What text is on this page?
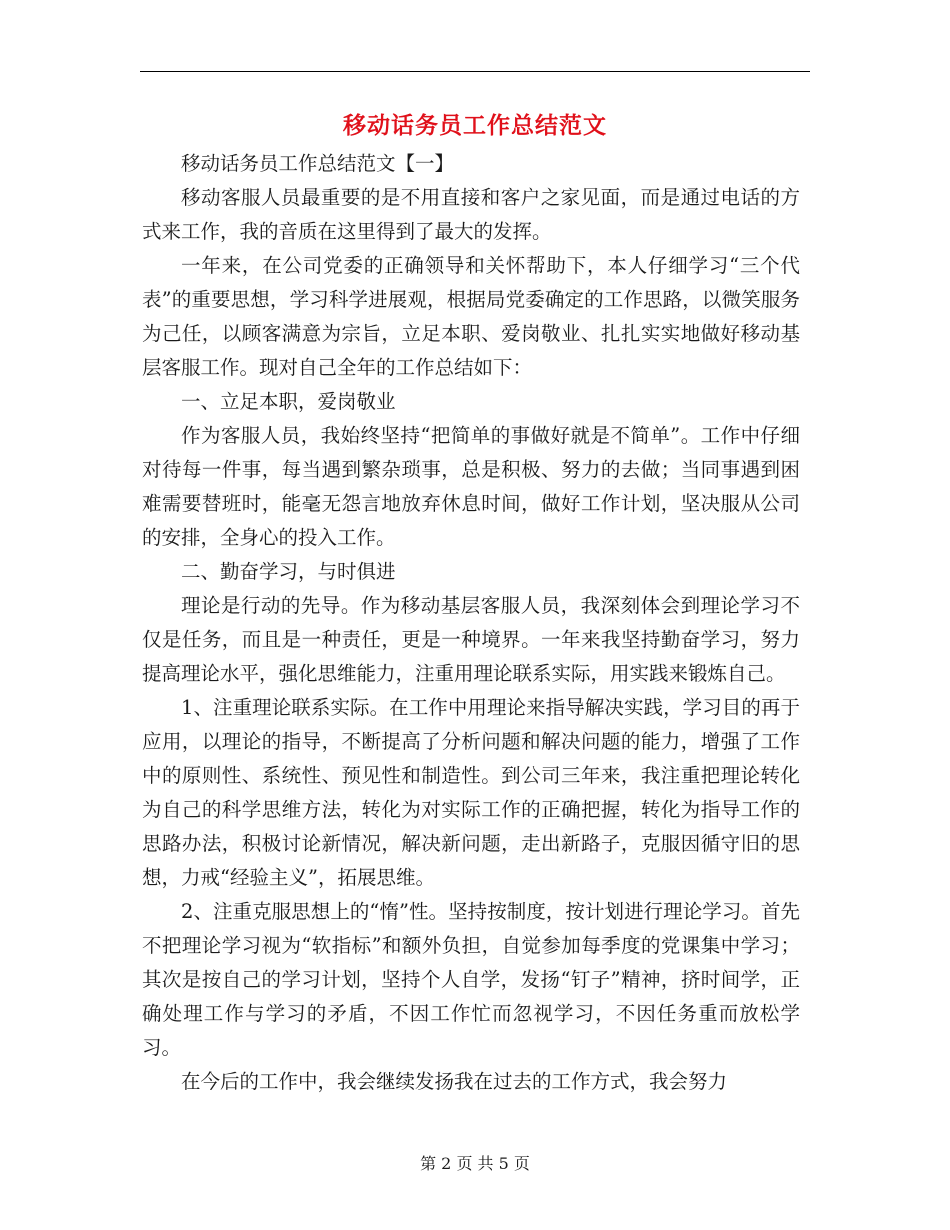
移动话务员工作总结范文

移动话务员工作总结范文【一】

移动客服人员最重要的是不用直接和客户之家见面，而是通过电话的方式来工作，我的音质在这里得到了最大的发挥。

一年来，在公司党委的正确领导和关怀帮助下，本人仔细学习“三个代表”的重要思想，学习科学进展观，根据局党委确定的工作思路，以微笑服务为己任，以顾客满意为宗旨，立足本职、爱岗敬业、扎扎实实地做好移动基层客服工作。现对自己全年的工作总结如下：

一、立足本职，爱岗敬业

作为客服人员，我始终坚持“把简单的事做好就是不简单”。工作中仔细对待每一件事，每当遇到繁杂琐事，总是积极、努力的去做；当同事遇到困难需要替班时，能毫无怨言地放弃休息时间，做好工作计划，坚决服从公司的安排，全身心的投入工作。

二、勤奋学习，与时俱进

理论是行动的先导。作为移动基层客服人员，我深刻体会到理论学习不仅是任务，而且是一种责任，更是一种境界。一年来我坚持勤奋学习，努力提高理论水平，强化思维能力，注重用理论联系实际，用实践来锻炼自己。

1、注重理论联系实际。在工作中用理论来指导解决实践，学习目的再于应用，以理论的指导，不断提高了分析问题和解决问题的能力，增强了工作中的原则性、系统性、预见性和制造性。到公司三年来，我注重把理论转化为自己的科学思维方法，转化为对实际工作的正确把握，转化为指导工作的思路办法，积极讨论新情况，解决新问题，走出新路子，克服因循守旧的思想，力戒“经验主义”，拓展思维。

2、注重克服思想上的“惰”性。坚持按制度，按计划进行理论学习。首先不把理论学习视为“软指标”和额外负担，自觉参加每季度的党课集中学习；其次是按自己的学习计划，坚持个人自学，发扬“钉子”精神，挤时间学，正确处理工作与学习的矛盾，不因工作忙而忽视学习，不因任务重而放松学习。

在今后的工作中，我会继续发扬我在过去的工作方式，我会努力

第 2 页 共 5 页
